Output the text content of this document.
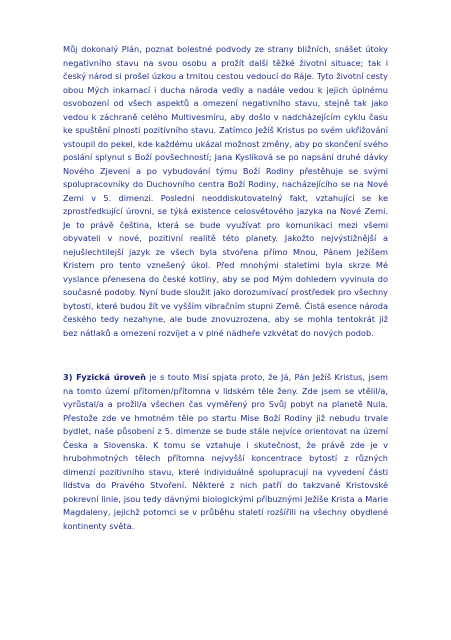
Můj dokonalý Plán, poznat bolestné podvody ze strany bližních, snášet útoky negativního stavu na svou osobu a prožít další těžké životní situace; tak i český národ si prošel úzkou a trnitou cestou vedoucí do Ráje. Tyto životní cesty obou Mých inkarnací i ducha národa vedly a nadále vedou k jejich úplnému osvobození od všech aspektů a omezení negativního stavu, stejně tak jako vedou k záchraně celého Multivesmíru, aby došlo v nadcházejícím cyklu času ke spuštění plnosti pozitivního stavu. Zatímco Ježíš Kristus po svém ukřižování vstoupil do pekel, kde každému ukázal možnost změny, aby po skončení svého poslání splynul s Boží povšechností; Jana Kyslíková se po napsání druhé dávky Nového Zjevení a po vybudování týmu Boží Rodiny přestěhuje se svými spolupracovníky do Duchovního centra Boží Rodiny, nacházejícího se na Nové Zemi v 5. dimenzi. Poslední neoddiskutovatelný fakt, vztahující se ke zprostředkující úrovni, se týká existence celosvětového jazyka na Nové Zemi. Je to právě čeština, která se bude využívat pro komunikaci mezi všemi obyvateli v nové, pozitivní realitě této planety. Jakožto nejvýstižnější a nejušlechtilejší jazyk ze všech byla stvořena přímo Mnou, Pánem Ježíšem Kristem pro tento vznešený úkol. Před mnohými staletími byla skrze Mé vyslance přenesena do české kotliny, aby se pod Mým dohledem vyvinula do současné podoby. Nyní bude sloužit jako dorozumívací prostředek pro všechny bytosti, které budou žít ve vyšším vibračním stupni Země. Čistá esence národa českého tedy nezahyne, ale bude znovuzrozena, aby se mohla tentokrát již bez nátlaků a omezení rozvíjet a v plné nádheře vzkvétat do nových podob.

3) Fyzická úroveň je s touto Misí spjata proto, že Já, Pán Ježíš Kristus, jsem na tomto území přítomen/přítomna v lidském těle ženy. Zde jsem se vtělil/a, vyrůstal/a a prožil/a všechen čas vyměřený pro Svůj pobyt na planetě Nula. Přestože zde ve hmotném těle po startu Mise Boží Rodiny již nebudu trvale bydlet, naše působení z 5. dimenze se bude stále nejvíce orientovat na území Česka a Slovenska. K tomu se vztahuje i skutečnost, že právě zde je v hrubohmotných tělech přítomna nejvyšší koncentrace bytostí z různých dimenzí pozitivního stavu, které individuálně spolupracují na vyvedení části lidstva do Pravého Stvoření. Některé z nich patří do takzvané Kristovské pokrevní linie, jsou tedy dávnými biologickými příbuznými Ježíše Krista a Marie Magdaleny, jejichž potomci se v průběhu staletí rozšířili na všechny obydlené kontinenty světa.
